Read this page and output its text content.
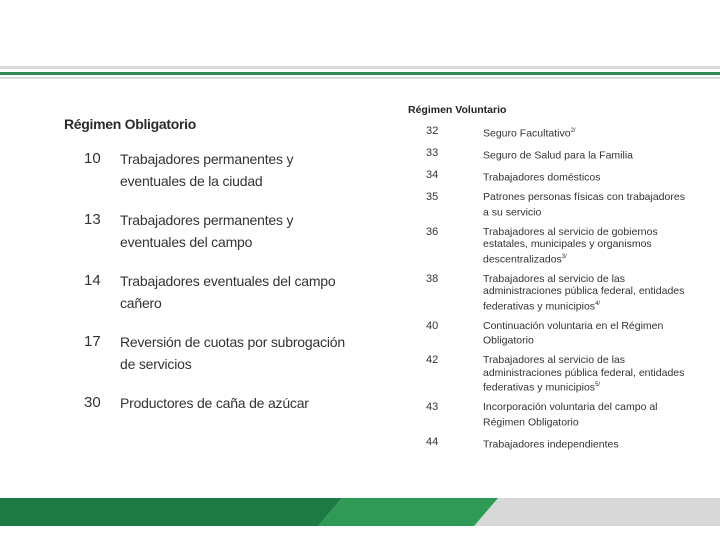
Régimen Obligatorio
10	Trabajadores permanentes y eventuales de la ciudad
13	Trabajadores permanentes y eventuales del campo
14	Trabajadores eventuales del campo cañero
17	Reversión de cuotas por subrogación de servicios
30	Productores de caña de azúcar
Régimen Voluntario
32	Seguro Facultativo$^{2/}$
33	Seguro de Salud para la Familia
34	Trabajadores domésticos
35	Patrones personas físicas con trabajadores a su servicio
36	Trabajadores al servicio de gobiernos estatales, municipales y organismos descentralizados$^{3/}$
38	Trabajadores al servicio de las administraciones pública federal, entidades federativas y municipios$^{4/}$
40	Continuación voluntaria en el Régimen Obligatorio
42	Trabajadores al servicio de las administraciones pública federal, entidades federativas y municipios$^{5/}$
43	Incorporación voluntaria del campo al Régimen Obligatorio
44	Trabajadores independientes
